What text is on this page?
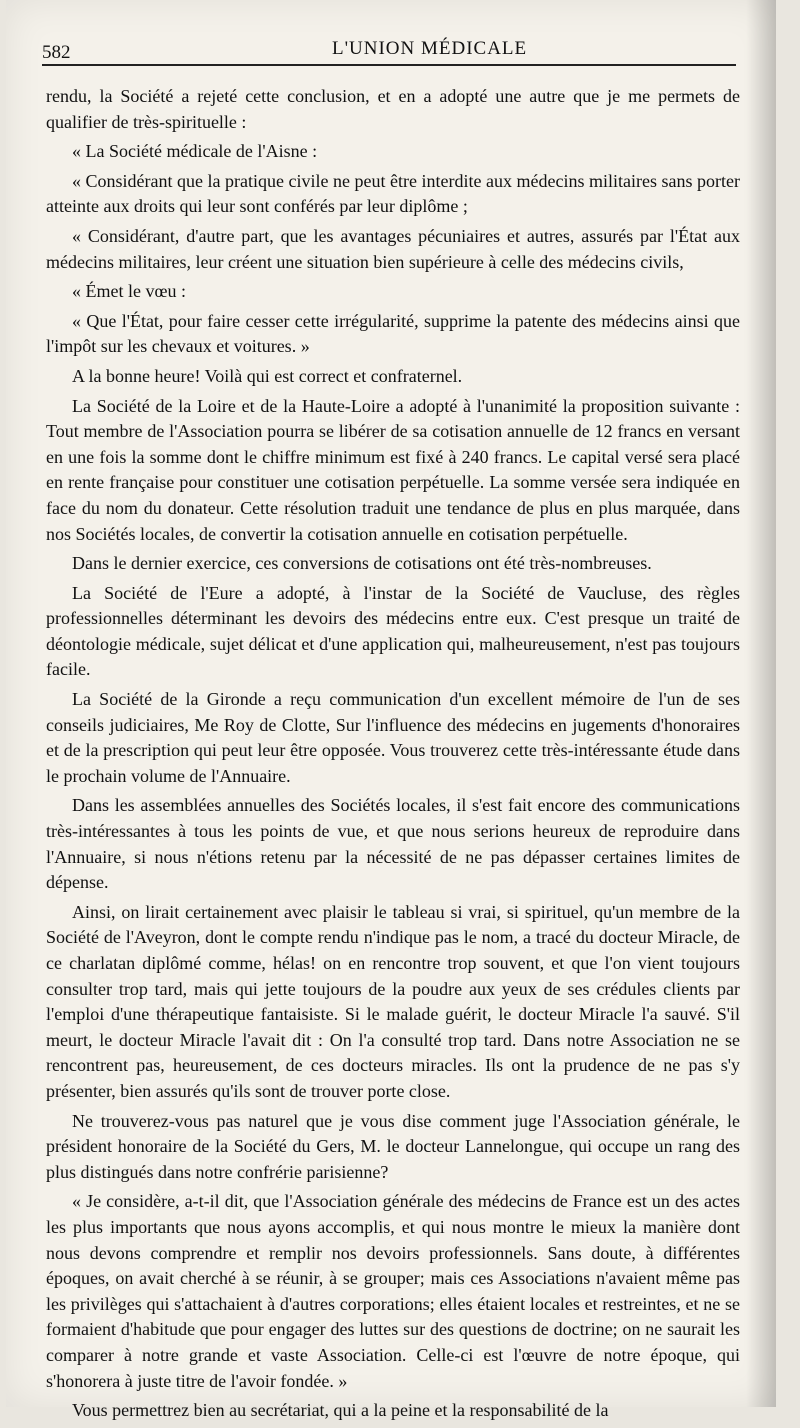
582	L'UNION MÉDICALE

rendu, la Société a rejeté cette conclusion, et en a adopté une autre que je me permets de qualifier de très-spirituelle :

« La Société médicale de l'Aisne :

« Considérant que la pratique civile ne peut être interdite aux médecins militaires sans porter atteinte aux droits qui leur sont conférés par leur diplôme ;

« Considérant, d'autre part, que les avantages pécuniaires et autres, assurés par l'État aux médecins militaires, leur créent une situation bien supérieure à celle des médecins civils,

« Émet le vœu :

« Que l'État, pour faire cesser cette irrégularité, supprime la patente des médecins ainsi que l'impôt sur les chevaux et voitures. »

A la bonne heure! Voilà qui est correct et confraternel.

La Société de la Loire et de la Haute-Loire a adopté à l'unanimité la proposition suivante : Tout membre de l'Association pourra se libérer de sa cotisation annuelle de 12 francs en versant en une fois la somme dont le chiffre minimum est fixé à 240 francs. Le capital versé sera placé en rente française pour constituer une cotisation perpétuelle. La somme versée sera indiquée en face du nom du donateur. Cette résolution traduit une tendance de plus en plus marquée, dans nos Sociétés locales, de convertir la cotisation annuelle en cotisation perpétuelle.

Dans le dernier exercice, ces conversions de cotisations ont été très-nombreuses.

La Société de l'Eure a adopté, à l'instar de la Société de Vaucluse, des règles professionnelles déterminant les devoirs des médecins entre eux. C'est presque un traité de déontologie médicale, sujet délicat et d'une application qui, malheureusement, n'est pas toujours facile.

La Société de la Gironde a reçu communication d'un excellent mémoire de l'un de ses conseils judiciaires, Me Roy de Clotte, Sur l'influence des médecins en jugements d'honoraires et de la prescription qui peut leur être opposée. Vous trouverez cette très-intéressante étude dans le prochain volume de l'Annuaire.

Dans les assemblées annuelles des Sociétés locales, il s'est fait encore des communications très-intéressantes à tous les points de vue, et que nous serions heureux de reproduire dans l'Annuaire, si nous n'étions retenu par la nécessité de ne pas dépasser certaines limites de dépense.

Ainsi, on lirait certainement avec plaisir le tableau si vrai, si spirituel, qu'un membre de la Société de l'Aveyron, dont le compte rendu n'indique pas le nom, a tracé du docteur Miracle, de ce charlatan diplômé comme, hélas! on en rencontre trop souvent, et que l'on vient toujours consulter trop tard, mais qui jette toujours de la poudre aux yeux de ses crédules clients par l'emploi d'une thérapeutique fantaisiste. Si le malade guérit, le docteur Miracle l'a sauvé. S'il meurt, le docteur Miracle l'avait dit : On l'a consulté trop tard. Dans notre Association ne se rencontrent pas, heureusement, de ces docteurs miracles. Ils ont la prudence de ne pas s'y présenter, bien assurés qu'ils sont de trouver porte close.

Ne trouverez-vous pas naturel que je vous dise comment juge l'Association générale, le président honoraire de la Société du Gers, M. le docteur Lannelongue, qui occupe un rang des plus distingués dans notre confrérie parisienne?

« Je considère, a-t-il dit, que l'Association générale des médecins de France est un des actes les plus importants que nous ayons accomplis, et qui nous montre le mieux la manière dont nous devons comprendre et remplir nos devoirs professionnels. Sans doute, à différentes époques, on avait cherché à se réunir, à se grouper; mais ces Associations n'avaient même pas les privilèges qui s'attachaient à d'autres corporations; elles étaient locales et restreintes, et ne se formaient d'habitude que pour engager des luttes sur des questions de doctrine; on ne saurait les comparer à notre grande et vaste Association. Celle-ci est l'œuvre de notre époque, qui s'honorera à juste titre de l'avoir fondée. »

Vous permettrez bien au secrétariat, qui a la peine et la responsabilité de la
